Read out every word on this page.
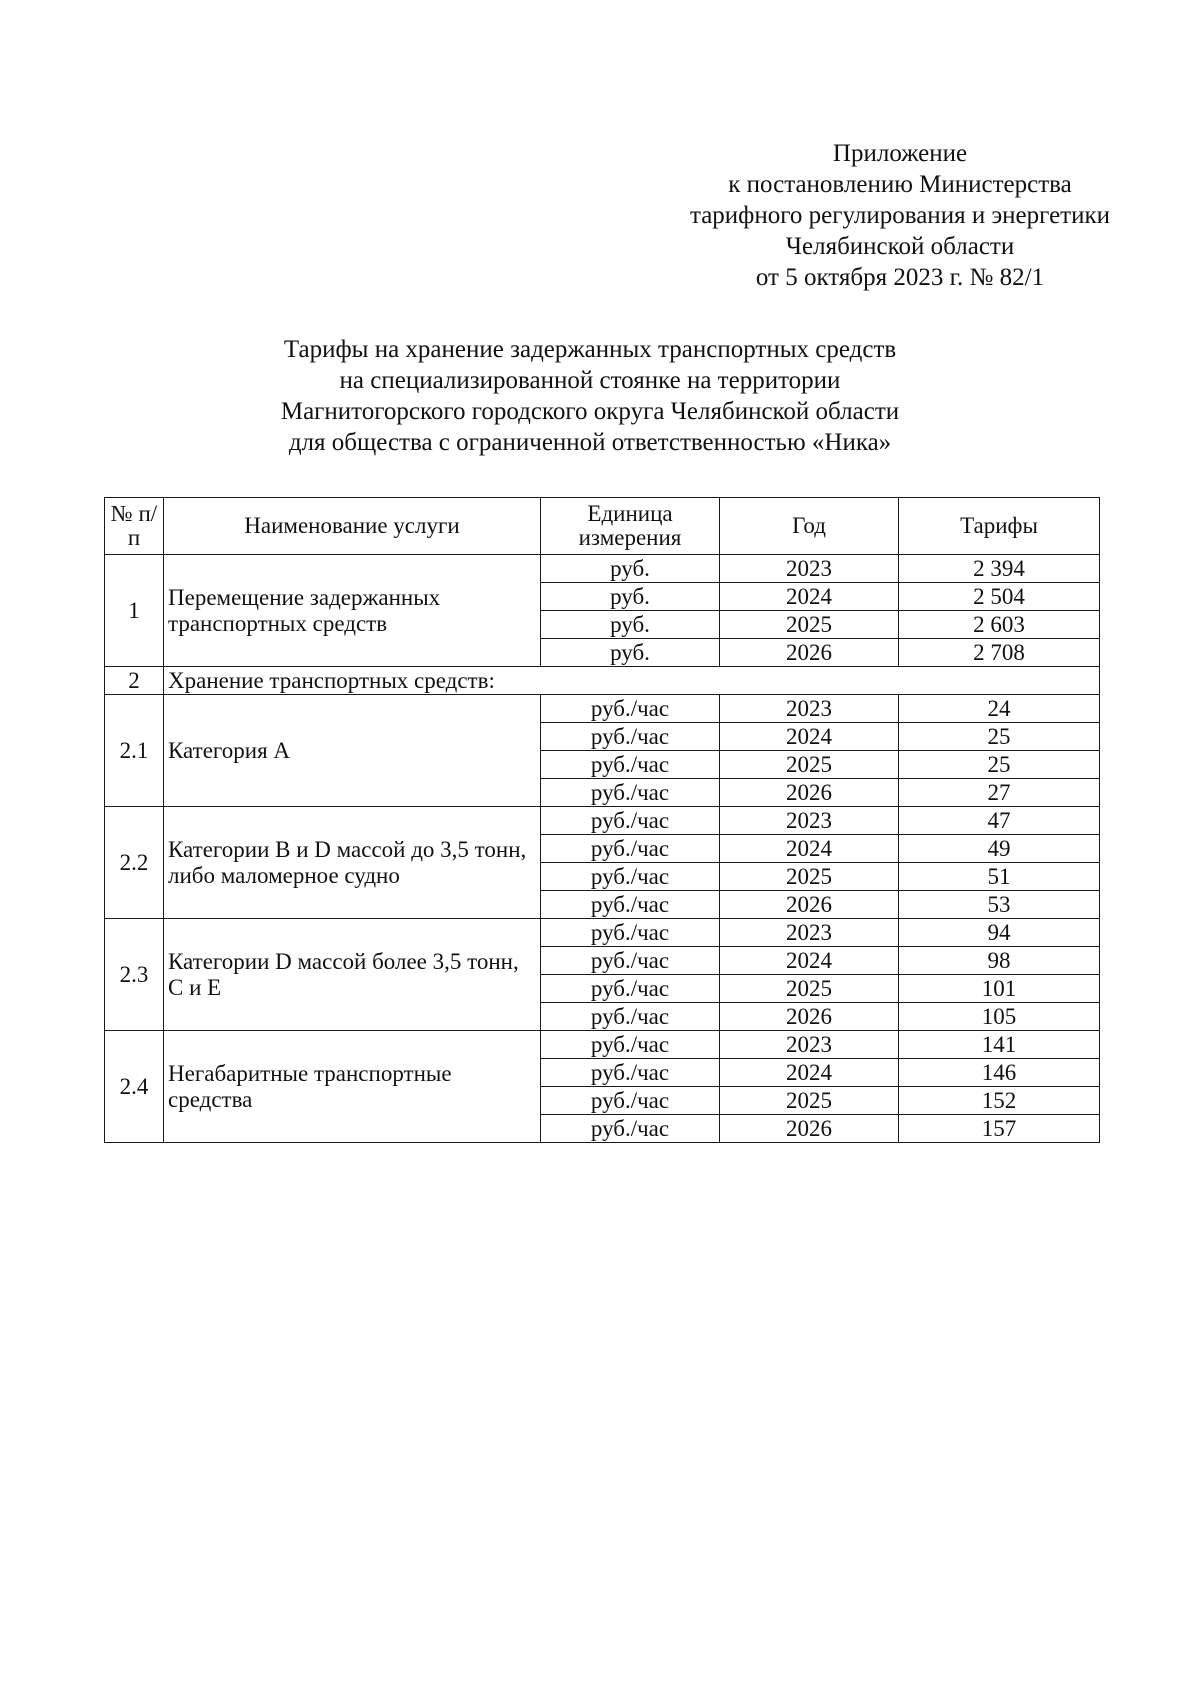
Приложение
к постановлению Министерства
тарифного регулирования и энергетики
Челябинской области
от 5 октября 2023 г. № 82/1
Тарифы на хранение задержанных транспортных средств
на специализированной стоянке на территории
Магнитогорского городского округа Челябинской области
для общества с ограниченной ответственностью «Ника»
№ п/п	Наименование услуги	Единица измерения	Год	Тарифы
1	Перемещение задержанных транспортных средств	руб.	2023	2 394
		руб.	2024	2 504
		руб.	2025	2 603
		руб.	2026	2 708
2	Хранение транспортных средств:			
2.1	Категория A	руб./час	2023	24
		руб./час	2024	25
		руб./час	2025	25
		руб./час	2026	27
2.2	Категории B и D массой до 3,5 тонн, либо маломерное судно	руб./час	2023	47
		руб./час	2024	49
		руб./час	2025	51
		руб./час	2026	53
2.3	Категории D массой более 3,5 тонн, C и E	руб./час	2023	94
		руб./час	2024	98
		руб./час	2025	101
		руб./час	2026	105
2.4	Негабаритные транспортные средства	руб./час	2023	141
		руб./час	2024	146
		руб./час	2025	152
		руб./час	2026	157
